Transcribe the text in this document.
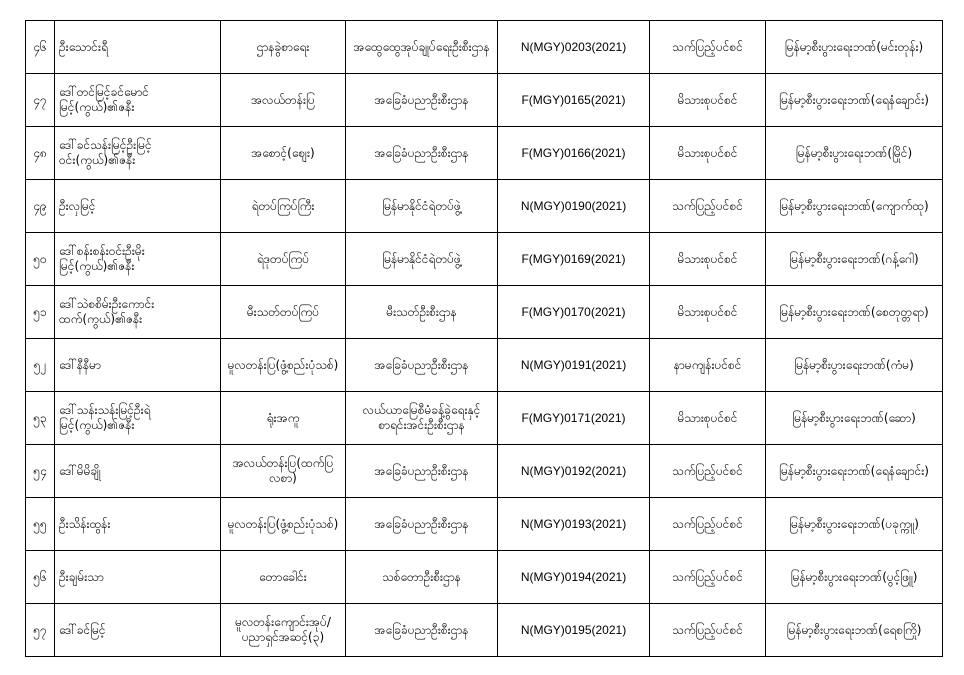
၄၆	ဦးသောင်းရီ	ဌာနခွဲစာရေး	အထွေထွေအုပ်ချုပ်ရေးဦးစီးဌာန	N(MGY)0203(2021)	သက်ပြည့်ပင်စင်	မြန်မာ့စီးပွားရေးဘဏ်(မင်းတုန်း)
၄၇	ဒေါ်တင်မြင့်ခင်မောင်မြင့်(ကွယ်)၏ဇနီး	အလယ်တန်းပြ	အခြေခံပညာဦးစီးဌာန	F(MGY)0165(2021)	မိသားစုပင်စင်	မြန်မာ့စီးပွားရေးဘဏ်(ရေနံချောင်း)
၄၈	ဒေါ်ခင်သန်းမြင့်ဦးမြင့်ဝင်း(ကွယ်)၏ဇနီး	အစောင့်(စျေး)	အခြေခံပညာဦးစီးဌာန	F(MGY)0166(2021)	မိသားစုပင်စင်	မြန်မာ့စီးပွားရေးဘဏ်(မြိုင်)
၄၉	ဦးလှမြင့်	ရဲတပ်ကြပ်ကြီး	မြန်မာနိုင်ငံရဲတပ်ဖွဲ့	N(MGY)0190(2021)	သက်ပြည့်ပင်စင်	မြန်မာ့စီးပွားရေးဘဏ်(ကျောက်ထု)
၅၀	ဒေါ်စန်းစန်းဝင်းဦးမိုးမြင့်(ကွယ်)၏ဇနီး	ရဲဒုတပ်ကြပ်	မြန်မာနိုင်ငံရဲတပ်ဖွဲ့	F(MGY)0169(2021)	မိသားစုပင်စင်	မြန်မာ့စီးပွားရေးဘဏ်(ဂန့်ဂေါ)
၅၁	ဒေါ်သဲစစိမ်းဦးကောင်းထက်(ကွယ်)၏ဇနီး	မီးသတ်တပ်ကြပ်	မီးသတ်ဦးစီးဌာန	F(MGY)0170(2021)	မိသားစုပင်စင်	မြန်မာ့စီးပွားရေးဘဏ်(စေတုတ္တရာ)
၅၂	ဒေါ်နီနီမာ	မူလတန်းပြ(ဖွံ့စည်းပုံသစ်)	အခြေခံပညာဦးစီးဌာန	N(MGY)0191(2021)	နာမကျန်းပင်စင်	မြန်မာ့စီးပွားရေးဘဏ်(ကံမ)
၅၃	ဒေါ်သန်းသန်းမြင့်ဦးရဲမြင့်(ကွယ်)၏ဇနီး	ရုံးအကူ	လယ်ယာမြေစီမံခန့်ခွဲရေးနှင့်စာရင်းအင်းဦးစီးဌာန	F(MGY)0171(2021)	မိသားစုပင်စင်	မြန်မာ့စီးပွားရေးဘဏ်(ဆော)
၅၄	ဒေါ်မိမိချို	အလယ်တန်းပြ(ထက်ပြလစာ)	အခြေခံပညာဦးစီးဌာန	N(MGY)0192(2021)	သက်ပြည့်ပင်စင်	မြန်မာ့စီးပွားရေးဘဏ်(ရေနံချောင်း)
၅၅	ဦးသိန်းထွန်း	မူလတန်းပြ(ဖွံ့စည်းပုံသစ်)	အခြေခံပညာဦးစီးဌာန	N(MGY)0193(2021)	သက်ပြည့်ပင်စင်	မြန်မာ့စီးပွားရေးဘဏ်(ပခုက္ကူ)
၅၆	ဦးချမ်းသာ	တောခေါင်း	သစ်တောဦးစီးဌာန	N(MGY)0194(2021)	သက်ပြည့်ပင်စင်	မြန်မာ့စီးပွားရေးဘဏ်(ပွင့်ဖြူ)
၅၇	ဒေါ်ခင်မြင့်	မူလတန်းကျောင်းအုပ်/ပညာရှင်အဆင့်(၃)	အခြေခံပညာဦးစီးဌာန	N(MGY)0195(2021)	သက်ပြည့်ပင်စင်	မြန်မာ့စီးပွားရေးဘဏ်(ရေစကြို)
